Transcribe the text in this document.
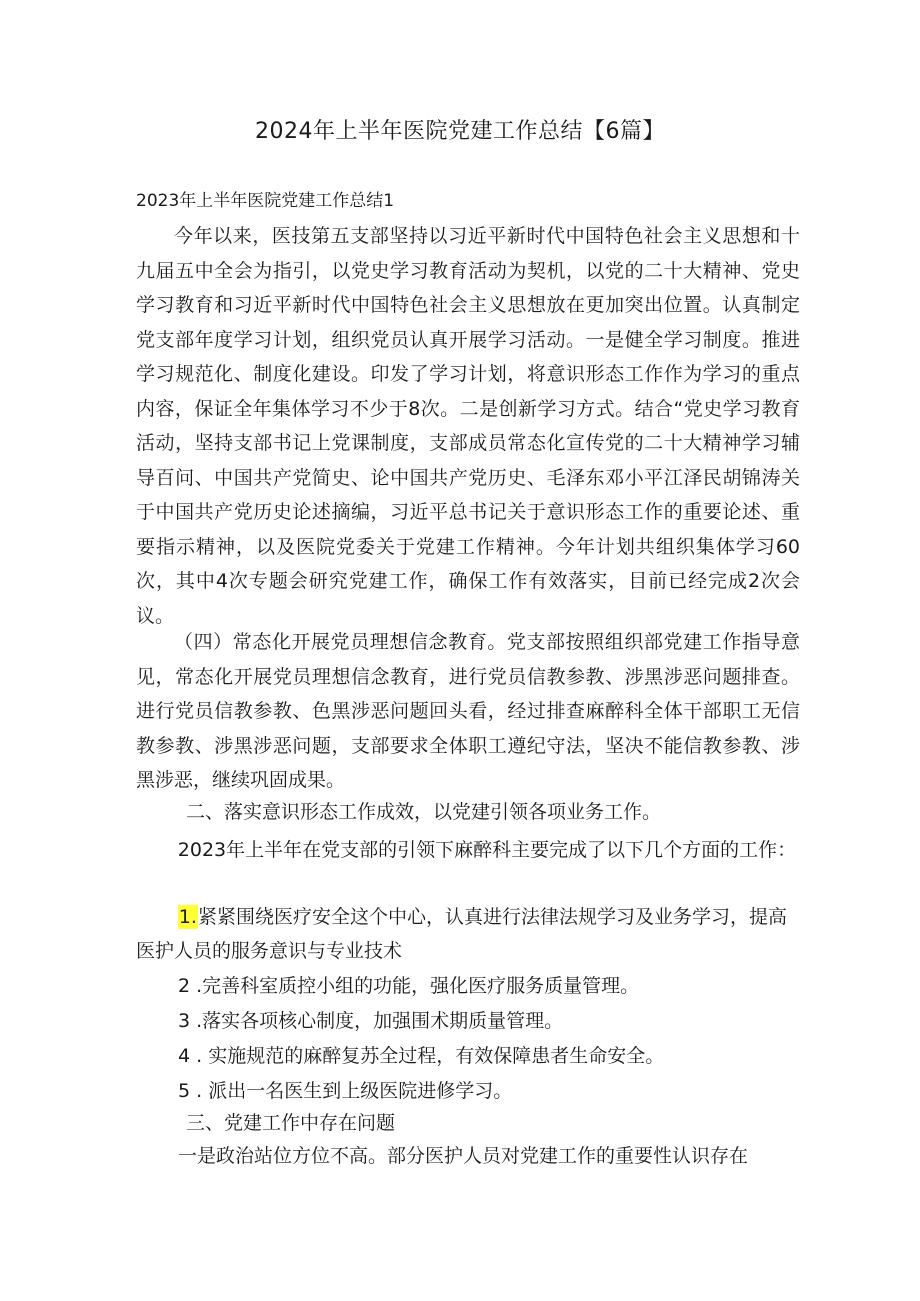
2024年上半年医院党建工作总结【6篇】
2023年上半年医院党建工作总结1

今年以来，医技第五支部坚持以习近平新时代中国特色社会主义思想和十九届五中全会为指引，以党史学习教育活动为契机，以党的二十大精神、党史学习教育和习近平新时代中国特色社会主义思想放在更加突出位置。认真制定党支部年度学习计划，组织党员认真开展学习活动。一是健全学习制度。推进学习规范化、制度化建设。印发了学习计划，将意识形态工作作为学习的重点内容，保证全年集体学习不少于8次。二是创新学习方式。结合“党史学习教育活动，坚持支部书记上党课制度，支部成员常态化宣传党的二十大精神学习辅导百问、中国共产党简史、论中国共产党历史、毛泽东邓小平江泽民胡锦涛关于中国共产党历史论述摘编，习近平总书记关于意识形态工作的重要论述、重要指示精神，以及医院党委关于党建工作精神。今年计划共组织集体学习60次，其中4次专题会研究党建工作，确保工作有效落实，目前已经完成2次会议。

（四）常态化开展党员理想信念教育。党支部按照组织部党建工作指导意见，常态化开展党员理想信念教育，进行党员信教参教、涉黑涉恶问题排查。进行党员信教参教、色黑涉恶问题回头看，经过排查麻醉科全体干部职工无信教参教、涉黑涉恶问题，支部要求全体职工遵纪守法，坚决不能信教参教、涉黑涉恶，继续巩固成果。

二、落实意识形态工作成效，以党建引领各项业务工作。

2023年上半年在党支部的引领下麻醉科主要完成了以下几个方面的工作：

1.紧紧围绕医疗安全这个中心，认真进行法律法规学习及业务学习，提高医护人员的服务意识与专业技术

2 .完善科室质控小组的功能，强化医疗服务质量管理。
3 .落实各项核心制度，加强围术期质量管理。
4 . 实施规范的麻醉复苏全过程，有效保障患者生命安全。
5 . 派出一名医生到上级医院进修学习。
三、党建工作中存在问题
一是政治站位方位不高。部分医护人员对党建工作的重要性认识存在
